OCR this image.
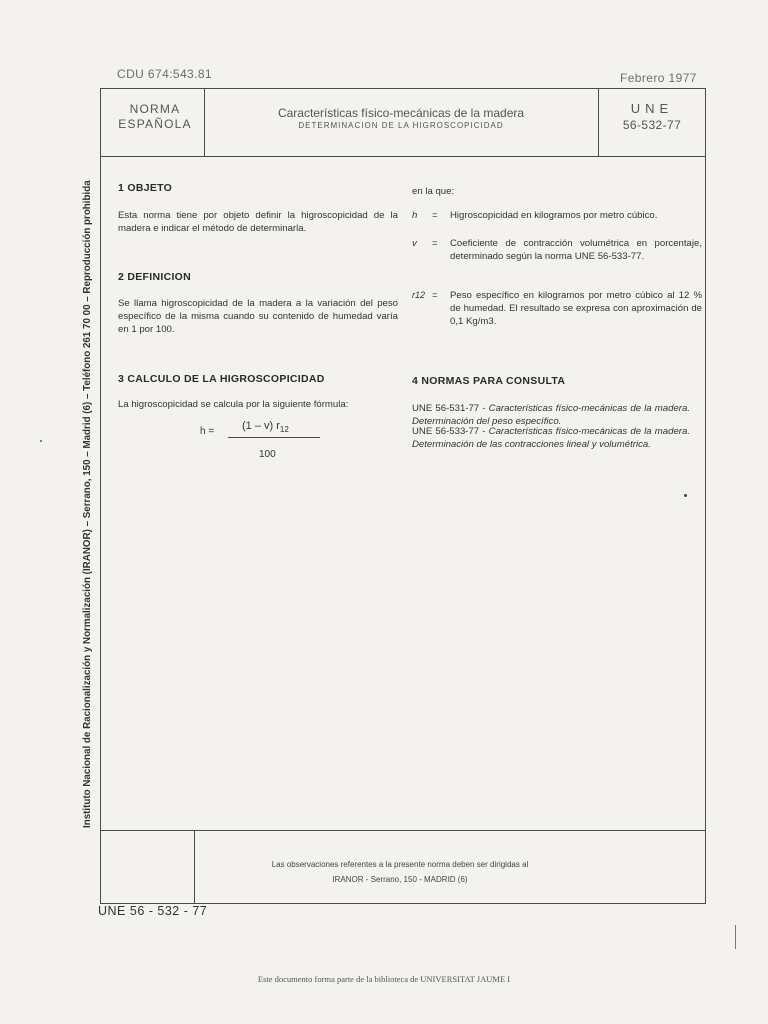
CDU 674:543.81	Febrero 1977
NORMA
ESPAÑOLA
Características físico-mecánicas de la madera
DETERMINACION DE LA HIGROSCOPICIDAD
UNE
56-532-77
Instituto Nacional de Racionalización y Normalización (IRANOR) – Serrano, 150 – Madrid (6) – Teléfono 261 70 00 – Reproducción prohibida 1 OBJETO
Esta norma tiene por objeto definir la higroscopicidad de la madera e indicar el método de determinarla.
2 DEFINICION
Se llama higroscopicidad de la madera a la variación del peso específico de la misma cuando su contenido de humedad varía en 1 por 100.
3 CALCULO DE LA HIGROSCOPICIDAD
La higroscopicidad se calcula por la siguiente fórmula:
h =	(1 – v) $r_{12}$
100
en la que:
h = Higroscopicidad en kilogramos por metro cúbico.
v = Coeficiente de contracción volumétrica en porcentaje, determinado según la norma UNE 56-533-77.
r12 = Peso específico en kilogramos por metro cúbico al 12 % de humedad. El resultado se expresa con aproximación de 0,1 Kg/m3.
4 NORMAS PARA CONSULTA
UNE 56-531-77 - Características físico-mecánicas de la madera. Determinación del peso específico.
UNE 56-533-77 - Características físico-mecánicas de la madera. Determinación de las contracciones lineal y volumétrica.
Las observaciones referentes a la presente norma deben ser dirigidas al
IRANOR - Serrano, 150 - MADRID (6)
UNE 56 - 532 - 77
Este documento forma parte de la biblioteca de UNIVERSITAT JAUME I
